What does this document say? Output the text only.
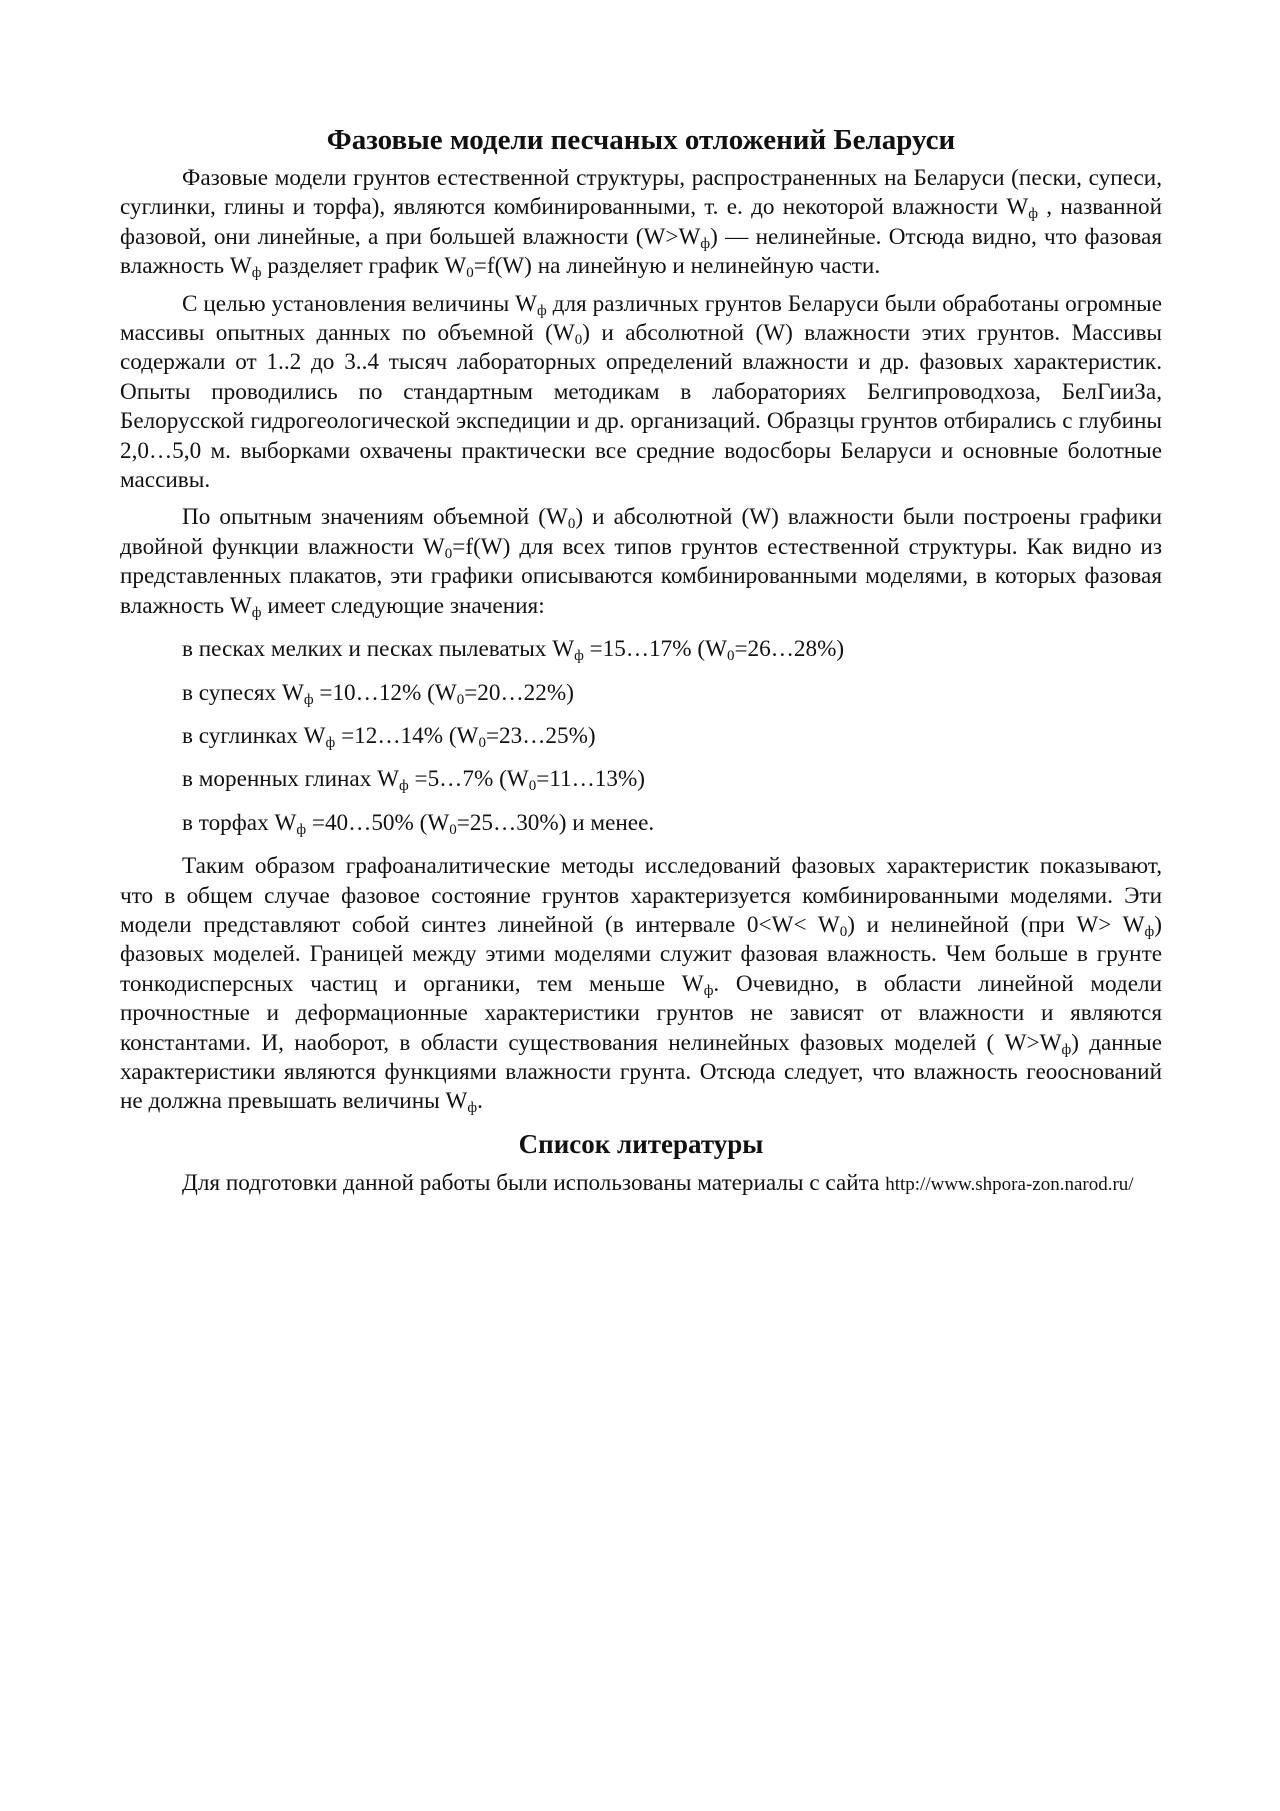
Фазовые модели песчаных отложений Беларуси

Фазовые модели грунтов естественной структуры, распространенных на Беларуси (пески, супеси, суглинки, глины и торфа), являются комбинированными, т. е. до некоторой влажности $W_ф$ , названной фазовой, они линейные, а при большей влажности $(W>W_ф)$ — нелинейные. Отсюда видно, что фазовая влажность $W_ф$ разделяет график $W_0=f(W)$ на линейную и нелинейную части.

С целью установления величины $W_ф$ для различных грунтов Беларуси были обработаны огромные массивы опытных данных по объемной $(W_0)$ и абсолютной (W) влажности этих грунтов. Массивы содержали от 1..2 до 3..4 тысяч лабораторных определений влажности и др. фазовых характеристик. Опыты проводились по стандартным методикам в лабораториях Белгипроводхоза, БелГииЗа, Белорусской гидрогеологической экспедиции и др. организаций. Образцы грунтов отбирались с глубины 2,0…5,0 м. выборками охвачены практически все средние водосборы Беларуси и основные болотные массивы.

По опытным значениям объемной $(W_0)$ и абсолютной (W) влажности были построены графики двойной функции влажности $W_0=f(W)$ для всех типов грунтов естественной структуры. Как видно из представленных плакатов, эти графики описываются комбинированными моделями, в которых фазовая влажность $W_ф$ имеет следующие значения:

в песках мелких и песках пылеватых $W_ф$ =15…17% $(W_0=26\dots 28\%)$
в супесях $W_ф$ =10…12% $(W_0=20\dots 22\%)$
в суглинках $W_ф$ =12…14% $(W_0=23\dots 25\%)$
в моренных глинах $W_ф$ =5…7% $(W_0=11\dots 13\%)$
в торфах $W_ф$ =40…50% $(W_0=25\dots 30\%)$ и менее.

Таким образом графоаналитические методы исследований фазовых характеристик показывают, что в общем случае фазовое состояние грунтов характеризуется комбинированными моделями. Эти модели представляют собой синтез линейной (в интервале $0<W< W_0$) и нелинейной (при $W> W_ф$) фазовых моделей. Границей между этими моделями служит фазовая влажность. Чем больше в грунте тонкодисперсных частиц и органики, тем меньше $W_ф$. Очевидно, в области линейной модели прочностные и деформационные характеристики грунтов не зависят от влажности и являются константами. И, наоборот, в области существования нелинейных фазовых моделей ( $W>W_ф$) данные характеристики являются функциями влажности грунта. Отсюда следует, что влажность геооснований не должна превышать величины $W_ф$.

Список литературы

Для подготовки данной работы были использованы материалы с сайта http://www.shpora-zon.narod.ru/
